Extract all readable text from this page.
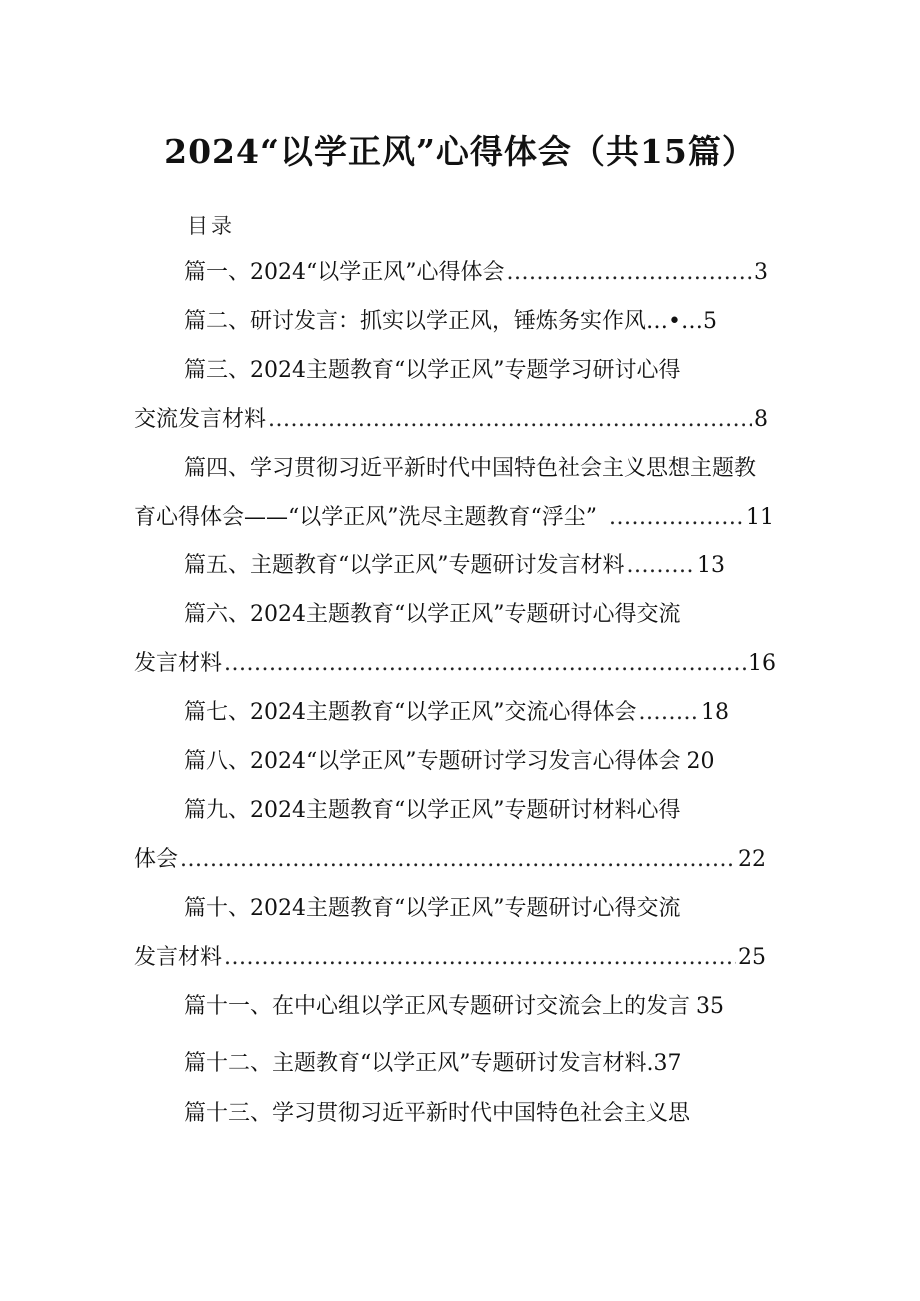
2024“以学正风”心得体会（共15篇）
目录
篇一、2024“以学正风”心得体会 .....	3
篇二、研讨发言：抓实以学正风，锤炼务实作风…•… 5
篇三、2024主题教育“以学正风”专题学习研讨心得
交流发言材料 .....	8
篇四、学习贯彻习近平新时代中国特色社会主义思想主题教
育心得体会——“以学正风”洗尽主题教育“浮尘” .....	11
篇五、主题教育“以学正风”专题研讨发言材料 .....	13
篇六、2024主题教育“以学正风”专题研讨心得交流
发言材料 .....	16
篇七、2024主题教育“以学正风”交流心得体会 .....	18
篇八、2024“以学正风”专题研讨学习发言心得体会 20
篇九、2024主题教育“以学正风”专题研讨材料心得
体会 .....	22
篇十、2024主题教育“以学正风”专题研讨心得交流
发言材料 .....	25
篇十一、在中心组以学正风专题研讨交流会上的发言 35
篇十二、主题教育“以学正风”专题研讨发言材料 .37
篇十三、学习贯彻习近平新时代中国特色社会主义思
